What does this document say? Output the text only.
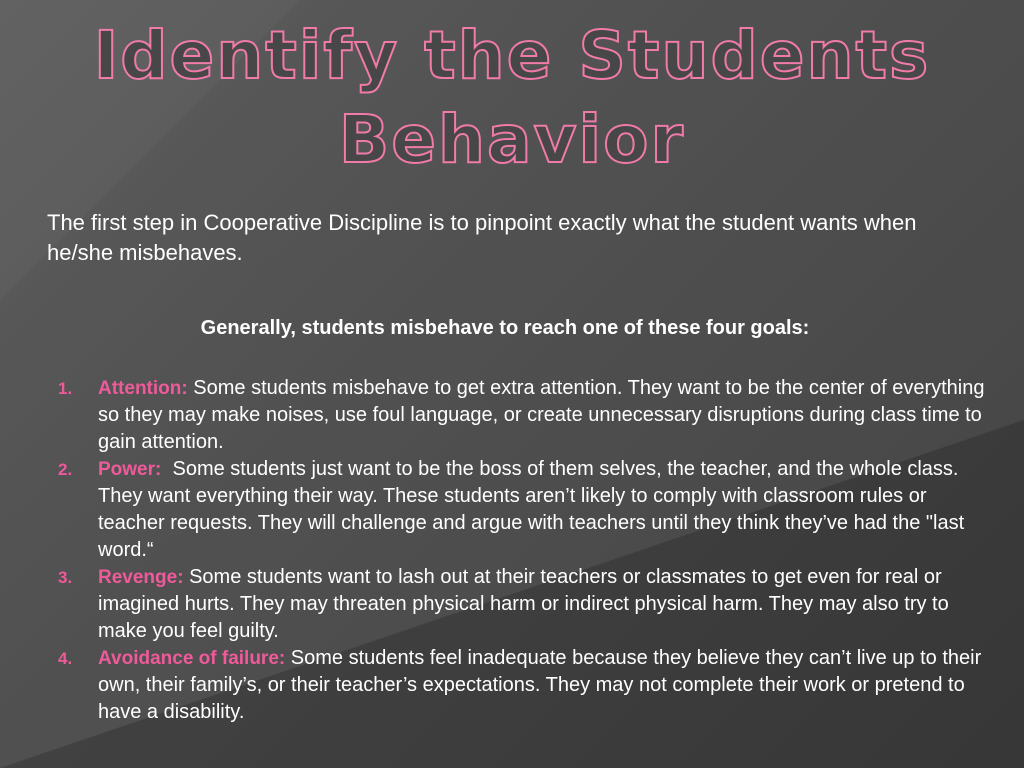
Identify the Students
Behavior

The first step in Cooperative Discipline is to pinpoint exactly what the student wants when he/she misbehaves.

Generally, students misbehave to reach one of these four goals:

1. Attention: Some students misbehave to get extra attention. They want to be the center of everything so they may make noises, use foul language, or create unnecessary disruptions during class time to gain attention.
2. Power: Some students just want to be the boss of them selves, the teacher, and the whole class. They want everything their way. These students aren’t likely to comply with classroom rules or teacher requests. They will challenge and argue with teachers until they think they’ve had the "last word.“
3. Revenge: Some students want to lash out at their teachers or classmates to get even for real or imagined hurts. They may threaten physical harm or indirect physical harm. They may also try to make you feel guilty.
4. Avoidance of failure: Some students feel inadequate because they believe they can’t live up to their own, their family’s, or their teacher’s expectations. They may not complete their work or pretend to have a disability.
